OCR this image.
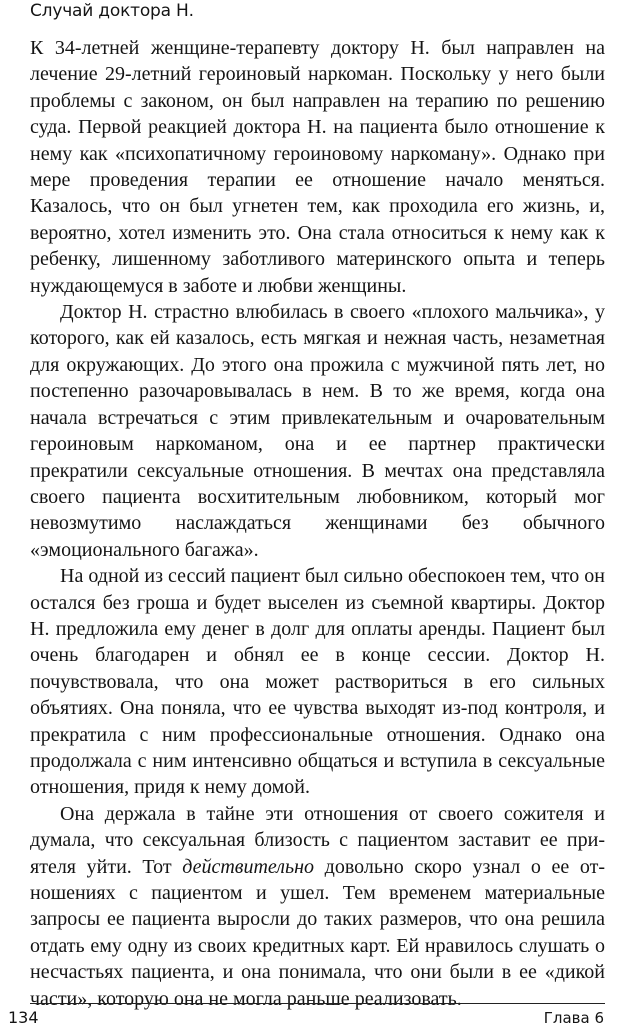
Случай доктора Н.

К 34-летней женщине-терапевту доктору Н. был направлен на лечение 29-летний героиновый наркоман. Поскольку у него были проблемы с законом, он был направлен на терапию по решению суда. Первой реакцией доктора Н. на пациента было отношение к нему как «психопатичному героиновому наркоману». Однако при мере проведения терапии ее отношение начало меняться. Казалось, что он был угнетен тем, как проходила его жизнь, и, вероятно, хотел изменить это. Она стала относиться к нему как к ребенку, лишенному заботливого материнского опыта и теперь нуждающемуся в заботе и любви женщины.

Доктор Н. страстно влюбилась в своего «плохого мальчика», у которого, как ей казалось, есть мягкая и нежная часть, незаметная для окружающих. До этого она прожила с мужчиной пять лет, но постепенно разочаровывалась в нем. В то же время, когда она начала встречаться с этим привлекательным и очаровательным героиновым наркоманом, она и ее партнер практически прекратили сексуальные отношения. В мечтах она представляла своего пациента восхитительным любовником, который мог невозмутимо наслаждаться женщинами без обычного «эмоционального багажа».

На одной из сессий пациент был сильно обеспокоен тем, что он остался без гроша и будет выселен из съемной квартиры. Доктор Н. предложила ему денег в долг для оплаты аренды. Пациент был очень благодарен и обнял ее в конце сессии. Доктор Н. почувствовала, что она может раствориться в его сильных объятиях. Она поняла, что ее чувства выходят из-под контроля, и прекратила с ним профессиональные отношения. Однако она продолжала с ним интенсивно общаться и вступила в сексуальные отношения, придя к нему домой.

Она держала в тайне эти отношения от своего сожителя и думала, что сексуальная близость с пациентом заставит ее приятеля уйти. Тот действительно довольно скоро узнал о ее отношениях с пациентом и ушел. Тем временем материальные запросы ее пациента выросли до таких размеров, что она решила отдать ему одну из своих кредитных карт. Ей нравилось слушать о несчастьях пациента, и она понимала, что они были в ее «дикой части», которую она не могла раньше реализовать.

134	Глава 6
